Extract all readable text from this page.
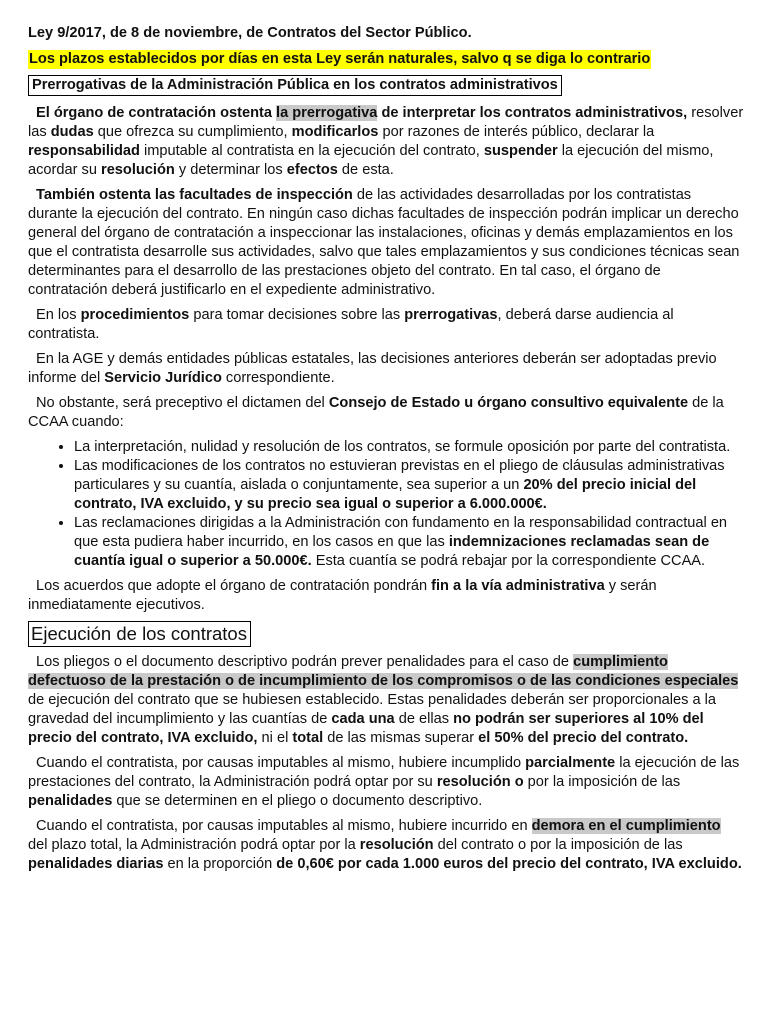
Ley 9/2017, de 8 de noviembre, de Contratos del Sector Público.
Los plazos establecidos por días en esta Ley serán naturales, salvo q se diga lo contrario
Prerrogativas de la Administración Pública en los contratos administrativos

El órgano de contratación ostenta la prerrogativa de interpretar los contratos administrativos, resolver las dudas que ofrezca su cumplimiento, modificarlos por razones de interés público, declarar la responsabilidad imputable al contratista en la ejecución del contrato, suspender la ejecución del mismo, acordar su resolución y determinar los efectos de esta.

También ostenta las facultades de inspección de las actividades desarrolladas por los contratistas durante la ejecución del contrato. En ningún caso dichas facultades de inspección podrán implicar un derecho general del órgano de contratación a inspeccionar las instalaciones, oficinas y demás emplazamientos en los que el contratista desarrolle sus actividades, salvo que tales emplazamientos y sus condiciones técnicas sean determinantes para el desarrollo de las prestaciones objeto del contrato. En tal caso, el órgano de contratación deberá justificarlo en el expediente administrativo.

En los procedimientos para tomar decisiones sobre las prerrogativas, deberá darse audiencia al contratista.

En la AGE y demás entidades públicas estatales, las decisiones anteriores deberán ser adoptadas previo informe del Servicio Jurídico correspondiente.

No obstante, será preceptivo el dictamen del Consejo de Estado u órgano consultivo equivalente de la CCAA cuando:

• La interpretación, nulidad y resolución de los contratos, se formule oposición por parte del contratista.
• Las modificaciones de los contratos no estuvieran previstas en el pliego de cláusulas administrativas particulares y su cuantía, aislada o conjuntamente, sea superior a un 20% del precio inicial del contrato, IVA excluido, y su precio sea igual o superior a 6.000.000€.
• Las reclamaciones dirigidas a la Administración con fundamento en la responsabilidad contractual en que esta pudiera haber incurrido, en los casos en que las indemnizaciones reclamadas sean de cuantía igual o superior a 50.000€. Esta cuantía se podrá rebajar por la correspondiente CCAA.

Los acuerdos que adopte el órgano de contratación pondrán fin a la vía administrativa y serán inmediatamente ejecutivos.

Ejecución de los contratos

Los pliegos o el documento descriptivo podrán prever penalidades para el caso de cumplimiento defectuoso de la prestación o de incumplimiento de los compromisos o de las condiciones especiales de ejecución del contrato que se hubiesen establecido. Estas penalidades deberán ser proporcionales a la gravedad del incumplimiento y las cuantías de cada una de ellas no podrán ser superiores al 10% del precio del contrato, IVA excluido, ni el total de las mismas superar el 50% del precio del contrato.

Cuando el contratista, por causas imputables al mismo, hubiere incumplido parcialmente la ejecución de las prestaciones del contrato, la Administración podrá optar por su resolución o por la imposición de las penalidades que se determinen en el pliego o documento descriptivo.

Cuando el contratista, por causas imputables al mismo, hubiere incurrido en demora en el cumplimiento del plazo total, la Administración podrá optar por la resolución del contrato o por la imposición de las penalidades diarias en la proporción de 0,60€ por cada 1.000 euros del precio del contrato, IVA excluido.
